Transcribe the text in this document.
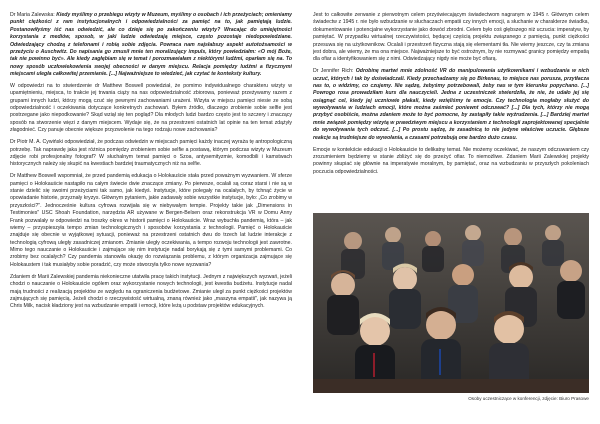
Dr Maria Zalewska: Kiedy myślimy o przebiegu wizyty w Muzeum, myślimy o osobach i ich przeżyciach; omieniamy punkt ciężkości z ram instytucjonalnych i odpowiedzialności za pamięć na to, jak pamiętają ludzie. Postanowiłyśmy iść nas odwiedzić, ale co dzieje się po zakończeniu wizyty? Wracając do umiejętności korzystania z mediów, sposob, w jaki ludzie odwiedzają miejsce, często pozostaje niedopowiedziane. Odwiedzający chodzą z telefonami i robią sobie zdjęcia. Powraca nam najsłabszy aspekt autotożsamości w przeżyciu o Auschwitz. Do napisania go zmusił mnie ten moralizujący impuls, który powiedziałm: «O mój Boże, tak nie powinno być». Ale kiedy zagłębiam się w temat i porozmawiałam z niektórymi ludźmi, oparłam się na. To nowy sposób uczłowiekowienia swojej obecności w danym miejscu. Relacja pomiędzy ludźmi a fizycznymi miejscami uległa całkowitej przemianie. [...] Najważniejsze to wiedzieć, jak czytać te konteksty kultury.

W odpowiedzi na to stwierdzenie dr Matthew Boswell powiedział, że pomimo indywidualnego charakteru wizyty w upamiętnieniu, miejsca, to trakcie jej trwania ciąży na nas odpowiedzialność zbiorowa, ponieważ przeżywamy razem z grupami innych ludzi, którzy mogą czuć się pewnymi zachowaniami urażeni. Wizyta w miejscu pamięci niesie ze sobą odpowiedzialność i oczekiwania dotyczące konkretnych zachowań. Byłem źródło, dlaczego zrobienie sobie selfie jest postrzegane jako niepodkowanie? Skąd wziął się ten pogląd? Dla młodych ludzi bardzo często jest to szczery i znaczący sposób na stworzenie więzi z danym miejscem. Wydaje się, że na przestrzeni ostatnich lat opinie na ten temat zdążyły złagodnieć. Czy panuje obecnie większe przyzwolenie na tego rodzaju nowe zachowania?

Dr Piotr M. A. Cywiński odpowiedział, że podczas odwiedzin w miejscach pamięci każdy inaczej wyraża tę antropologiczną potrzebę. Tak naprawdę jaka jest różnica pomiędzy zrobieniem sobie selfie a postawą, którym podczas wizyty w Muzeum zdjęcie robi profesjonalny fotograf? W słuchalnym temat pamięci o Szoa, antysemityzmie, komodbili i kamstwach historycznych należy się skupić na kwestiach bardziej traumatycznych niż na selfie.

Dr Matthew Boswell wspomniał, że przed pandemią edukacja o Holokauście stała przed poważnym wyzwaniem. W sferze pamięci o Holokauście nastąpiło na całym świecie dwie znaczące zmiany. Po pierwsze, ocalali są coraz starsi i nie są w stanie dzielić się swoimi przeżyciami tak samo, jak kiedyś. Instytucje, które polegały na ocalałych, by tchnąć życie w opowiadanie historie, przyznały kryzys. Głównym pytaniem, jakie zadawały sobie wszystkie instytucje, było: „Co zrobimy w przyszłości?". Jednocześnie kultura cyfrowa rozwijała się w niebywałym tempie. Projekty takie jak „Dimensions in Testimonies" USC Shoah Foundation, narzędzia AR używane w Bergen-Belsen oraz rekonstrukcja VR w Domu Anny Frank pozwalały w odpowiedzi na troszky okres w historii pamięci o Holokauście. Wraz wybuchła pandemią, która – jak wiemy – przyspieszyła tempo zmian technologicznych i sposobów korzystania z technologii. Pamięć o Holokauście znajduje się obecnie w wyjątkowej sytuacji, ponieważ na przestrzeni ostatnich dwu do trzech lat ludzie interakcje z technologią cyfrową uległy zasadniczej zmianom. Zmianie uległy oczekiwania, a tempo rozwoju technologii jest zawrotne. Mimo tego nauczanie o Holokauście i zajmujące się nim instytucje nadal borykają się z tymi samymi problemami. Co zrobimy bez ocalałych? Czy pandemia stanowiła okazję do rozwiązania problemu, z którym organizacja zajmujące się Holokaustem i tak musiałyby sobie poradzić, czy może stworzyła tylko nowe wyzwania?

Zdaniem dr Marii Zalewskiej pandemia niekonieczne utatwiła pracę takich instytucji. Jednym z największych wyzwań, jeżeli chodzi o nauczanie o Holokauście ogólem oraz wykorzystanie nowych technologii, jest kwestia budżetu. Instytucje nadal mają trudności z realizacją projektów ze względu na ograniczenia budżetowe. Zmianie uległ za punkt ciężkości projektów zajmujących się pamięcią. Jeżeli chodzi o rzeczywistość wirtualną, znaną również jako „maszyna empatii", jak nazywa ją Chris Milk, nacisk kładziony jest na wzbudzanie empatii i emocji, które leżą u podstaw projektów edukacyjnych.

Jest to całkowite zerwanie z pierwotnym celem przyświecającym świadectwom nagranym w 1945 r. Głównym celem świadectw z 1945 r. nie było wzbudzanie w słuchaczach empatii czy innych emocji, a słuchanie w charakterze świadka, dokumentowanie i potencjalne wykorzystanie jako dowód zbrodni. Celem było coś głębszego niż uczucia: imperatyw, by pamiętać. W przypadku wirtualnej rzeczywistości, będącej częścią projektu związanego z pamięcią, punkt ciężkości przesuwa się na użytkownikow. Ocalali i przestrzeń fizyczna stają się elementami tła. Nie wiemy jeszcze, czy ta zmiana jest dobra, ale wiemy, że ma ona miejsce. Najważniejsze to być ostrożnym, by nie rozmywać granicy pomiędzy empatią dla ofiar a identyfikowaniem się z nimi. Odwiedzający nigdy nie może być ofiarą.

Dr Jennifer Rich: Odrobinę martwi mnie zdolność VR do manipulowania użytkownikami i wzbudzania w nich uczuć, których i tak by doświadczali. Kiedy przechadzamy się po Birkenau, to miejsce nas porusza, przytłacza nas to, o widzimy, co czujemy. Nie sądzę, żebyśmy potrzebowali, żeby nas w tym kierunku popychano. [...] Powrogo rosa prowadziłam kurs dla nauczycieli. Jedna z uczestniczek stwierdziła, że nie, że udało jej się osiągnąć cel, kiedy jej uczniowie płakali, kiedy wzięliśmy te emocje. Czy technologia mogłaby służyć do wywoływania w ludziach emocji, które można zaśmieć poniewnt odczuwać? [...] Dla tych, którzy nie mogą przybyć osobiście, można zdaniem może to być pomocne, by zastąpiły takie wyżrudzenia. [...] Bardziej martwi mnie związek pomiędzy wizytą w prawdziwym miejscu a korzystaniem z technologii zaprojektowanej specjalnie do wywoływania tych odczuć. [...] Po prostu sądzę, że zasadnicą to nie jedyne właściwe uczucie. Głębsze reakcje są trudniejsze do wywołania, a czasami potrzebują one bardzo dużo czasu.

Emocje w kontekście edukacji o Holokauście to delikatny temat. Nie możemy oczekiwać, że naszym odczuwaniem czy zrozumieniem będziemy w stanie zbliżyć się do przeżyć ofiar. To niemożliwe. Zdaniem Marii Zalewskiej projekty powinny skupiać się głównie na imperatywie moralnym, by pamiętać, oraz na wzbudzaniu w przyszłych pokoleniach poczucia odpowiedzialności.

Osoby uczestniczące w konferencji, zdjęcie: Biuro Prasowe
